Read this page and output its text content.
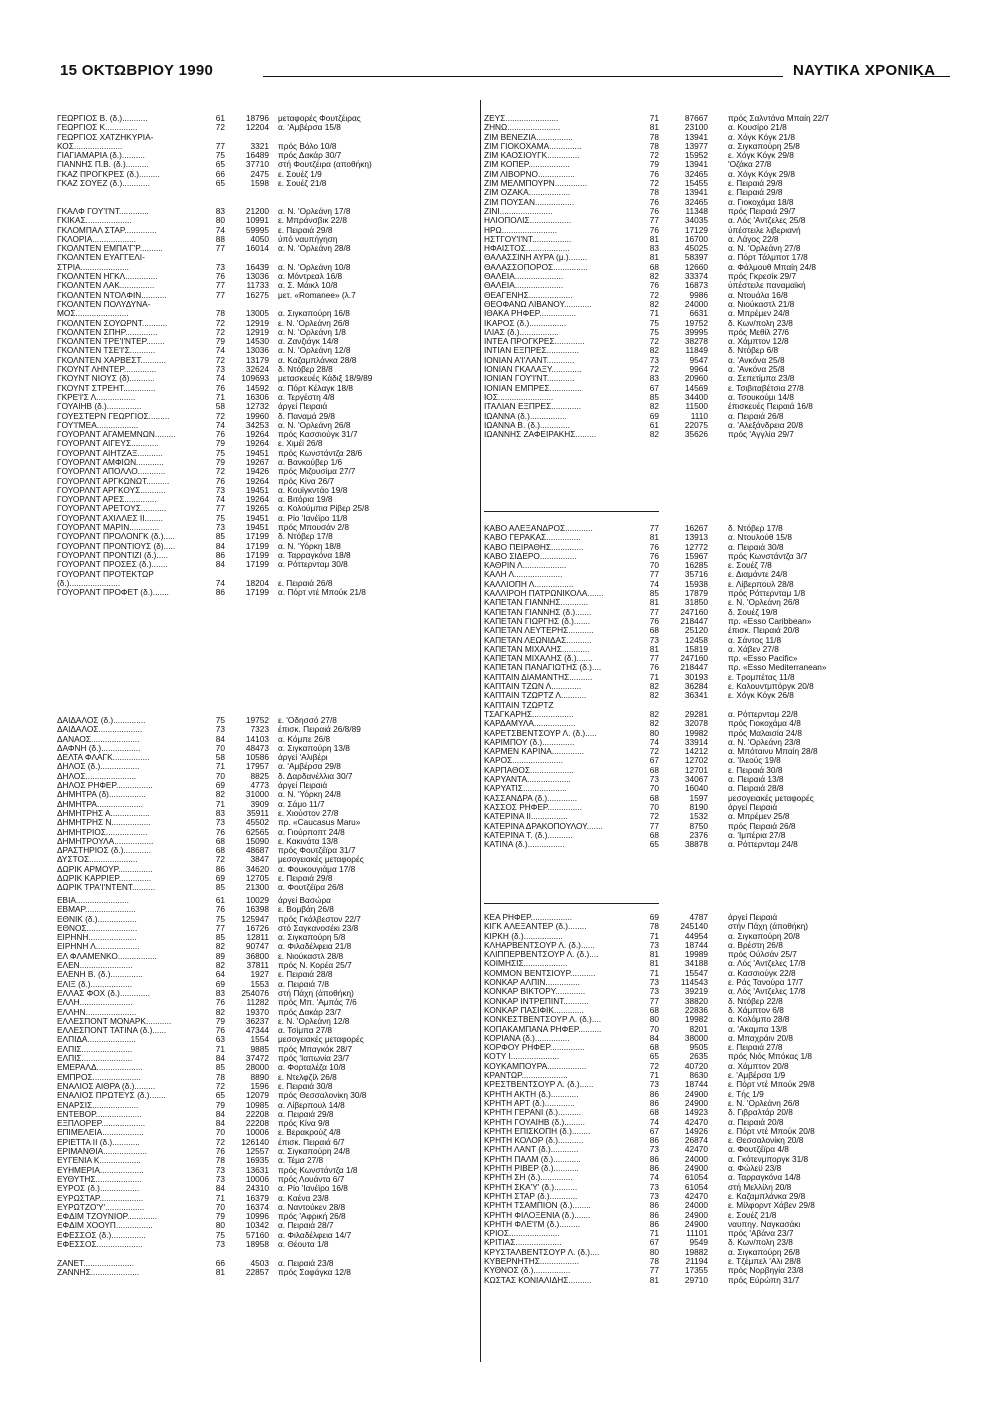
15 ΟΚΤΩΒΡΙΟΥ 1990	ΝΑΥΤΙΚΑ ΧΡΟΝΙΚΑ
ΓΕΩΡΓΙΟΣ Β. (δ.)...........	61	18796 μεταφορές Φουτζέιρας
ΓΕΩΡΓΙΟΣ Κ..............	72	12204 α. 'Αμβέρσα 15/8
ΓΕΩΡΓΙΟΣ ΧΑΤΖΗΚΥΡΙΑ-
ΚΟΣ.....................	77	3321 πρός Βόλο 10/8
ΓΙΑΓΙΑΜΑΡΙΑ (δ.)..........	75	16489 πρός Δακάρ 30/7
ΓΙΑΝΝΗΣ Π.Β. (δ.)..........	65	37710 στή Φουτζέιρα (αποθήκη)
ΓΚΑΖ ΠΡΟΓΚΡΕΣ (δ.).........	66	2475 ε. Σουέζ 1/9
ΓΚΑΖ ΣΟΥΕΖ (δ.)............	65	1598 ε. Σουέζ 21/8
ΓΚΑΛΦ ΓΟΥ'Ι'ΝΤ.............	83	21200 α. Ν. 'Ορλεάνη 17/8
ΓΚΙΚΑΣ....................	80	10991 ε. Μπράνσβικ 22/8
ΓΚΛΟΜΠΑΛ ΣΤΑΡ..............	74	59995 ε. Πειραιά 29/8
ΓΚΛΟΡΙΑ...................	88	4050 ύπό ναυπήγηση
ΓΚΟΛΝΤΕΝ ΕΜΠΑ'Γ'Ρ..........	77	16014 α. Ν. 'Ορλεάνη 28/8
ΓΚΟΛΝΤΕΝ ΕΥΑΓΓΕΛΙ-
ΣΤΡΙΑ.....................	73	16439 α. Ν. 'Ορλεάνη 10/8
ΓΚΟΛΝΤΕΝ ΗΓΚΛ..............	76	13036 α. Μόντρεαλ 16/8
ΓΚΟΛΝΤΕΝ ΛΑΚ...............	77	11733 α. Σ. Μάικλ 10/8
ΓΚΟΛΝΤΕΝ ΝΤΟΛΦΙΝ...........	77	16275 μετ. «Romanee» (λ.7
ΓΚΟΛΝΤΕΝ ΠΟΛΥΔΥΝΑ-
ΜΟΣ.......................	78	13005 α. Σιγκαπούρη 16/8
ΓΚΟΛΝΤΕΝ ΣΟΥΩΡΝΤ...........	72	12919 ε. Ν. 'Ορλεάνη 26/8
ΓΚΟΛΝΤΕΝ ΣΠΗΡ..............	72	12919 α. Ν. 'Ορλεάνη 1/8
ΓΚΟΛΝΤΕΝ ΤΡΕ'Ι'ΝΤΕΡ........	79	14530 α. Ζανζιάγκ 14/8
ΓΚΟΛΝΤΕΝ ΤΣΕ'Ι'Σ...........	74	13036 α. Ν. 'Ορλεάνη 12/8
ΓΚΟΛΝΤΕΝ ΧΑΡΒΕΣΤ...........	72	13179 α. Καζαμπλάνκα 28/8
ΓΚΟΥΝΤ ΛΗΝΤΕΡ..............	73	32624 δ. Ντόβερ 28/8
ΓΚΟΥΝΤ ΝΙΟΥΣ (δ)...........	74	109693 μετασκευές Κάδιξ 18/9/89
ΓΚΟΥΝΤ ΣΤΡΕΗΤ..............	76	14592 α. Πόρτ Κέλαγκ 18/8
ΓΚΡΕ'Ι'Σ Λ.................	71	16306 α. Τεργέστη 4/8
ΓΟΥΑΙΗΒ (δ.)...............	58	12732 άργεί Πειραιά
ΓΟΥΕΣΤΕΡΝ ΓΕΩΡΓΙΟΣ.........	72	19960 δ. Παναμά 29/8
ΓΟΥ'Ι'ΜΕΑ..................	74	34253 α. Ν. 'Ορλεάνη 26/8
ΓΟΥΟΡΛΝΤ ΑΓΑΜΕΜΝΩΝ.........	76	19264 πρός Κασσιούγκ 31/7
ΓΟΥΟΡΛΝΤ ΑΙΓΕΥΣ............	79	19264 ε. Χιμέϊ 26/8
ΓΟΥΟΡΛΝΤ ΑΙΗΤΖΑΞ...........	75	19451 πρός Κωνστάντζα 28/6
ΓΟΥΟΡΛΝΤ ΑΜΦΙΩΝ............	79	19267 α. Βανκούβερ 1/6
ΓΟΥΟΡΛΝΤ ΑΠΟΛΛΟ............	72	19426 πρός Μιζουσίμα 27/7
ΓΟΥΟΡΛΝΤ ΑΡΓΚΩΝΩΤ..........	76	19264 πρός Κίνα 26/7
ΓΟΥΟΡΛΝΤ ΑΡΓΚΟΥΣ...........	73	19451 α. Κουϊγκντάο 19/8
ΓΟΥΟΡΛΝΤ ΑΡΕΣ..............	74	19264 α. Βιτόρια 19/8
ΓΟΥΟΡΛΝΤ ΑΡΕΤΟΥΣ...........	77	19265 α. Κολούμπια Ρίβερ 25/8
ΓΟΥΟΡΛΝΤ ΑΧΙΛΛΕΣ ΙΙ........	75	19451 α. Ρίο 'Ιανέϊρο 11/8
ΓΟΥΟΡΛΝΤ ΜΑΡΙΝ.............	73	19451 πρός Μπουσάν 2/8
ΓΟΥΟΡΛΝΤ ΠΡΟΛΟΝΓΚ (δ.).....	85	17199 δ. Ντόβερ 17/8
ΓΟΥΟΡΛΝΤ ΠΡΟΝΤΙΟΥΣ (δ).....	84	17199 α. Ν. 'Υόρκη 18/8
ΓΟΥΟΡΛΝΤ ΠΡΟΝΤΙΖΙ (δ.).....	86	17199 α. Ταρραγκόνα 18/8
ΓΟΥΟΡΛΝΤ ΠΡΟΣΕΣ (δ.).......	84	17199 α. Ρόττερνταμ 30/8
ΓΟΥΟΡΛΝΤ ΠΡΟΤΕΚΤΩΡ
(δ.)......................	74	18204 ε. Πειραιά 26/8
ΓΟΥΟΡΛΝΤ ΠΡΟΦΕΤ (δ.).......	86	17199 α. Πόρτ ντέ Μπούκ 21/8
ΔΑΙΔΑΛΟΣ (δ.)..............	75	19752 ε. 'Οδησσό 27/8
ΔΑΙΔΑΛΟΣ...................	73	7323 έπισκ. Πειραιά 26/8/89
ΔΑΝΑΟΣ.....................	84	14103 α. Κόμπε 26/8
ΔΑΦΝΗ (δ.).................	70	48473 α. Σιγκαπούρη 13/8
ΔΕΛΤΑ ΦΛΑΓΚ................	58	10586 άργεί 'Αλιβέρι
ΔΗΛΟΣ (δ.).................	71	17957 α. 'Αμβέρσα 29/8
ΔΗΛΟΣ......................	70	8825 δ. Δαρδανέλλια 30/7
ΔΗΛΟΣ ΡΗΦΕΡ................	69	4773 άργεί Πειραιά
ΔΗΜΗΤΡΑ (δ)................	82	31000 α. Ν. 'Υόρκη 24/8
ΔΗΜΗΤΡΑ....................	71	3909 α. Σάμο 11/7
ΔΗΜΗΤΡΗΣ Α.................	83	35911 ε. Χιούστον 27/8
ΔΗΜΗΤΡΗΣ Ν.................	73	45502 πρ. «Caucasus Maru»
ΔΗΜΗΤΡΙΟΣ..................	76	62565 α. Γιούρποπτ 24/8
ΔΗΜΗΤΡΟΥΛΑ.................	68	15090 ε. Κακινάτα 13/8
ΔΡΑΣΤΗΡΙΟΣ (δ.)............	68	48687 πρός Φουτζέϊρα 31/7
ΔΥΣΤΟΣ.....................	72	3847 μεσογειακές μεταφορές
ΔΩΡΙΚ ΑΡΜΟΥΡ...............	86	34620 α. Φουκουγιάμα 17/8
ΔΩΡΙΚ ΚΑΡΡΙΕΡ..............	69	12705 ε. Πειραιά 29/8
ΔΩΡΙΚ ΤΡΑ'Ι'ΝΤΕΝΤ..........	85	21300 α. Φουτζέϊρα 26/8
ΕΒΙΑ.......................	61	10029 άργεί Βασώρα
ΕΒΜΑΡ......................	76	16398 ε. Βομβάη 26/8
ΕΘΝΙΚ (δ.).................	75	125947 πρός Γκάλβεστον 22/7
ΕΘΝΟΣ......................	77	16726 στό Σαγκανοσέκι 23/8
ΕΙΡΗΝΗ.....................	85	12811 α. Σιγκαπούρη 5/8
ΕΙΡΗΝΗ Λ...................	82	90747 α. Φιλαδέλφεια 21/8
ΕΛ ΦΛΑΜΕΝΚΟ.................	89	36800 ε. Νιούκαστλ 28/8
ΕΛΕΝ.......................	82	37811 πρός Ν. Κορέα 25/7
ΕΛΕΝΗ Β. (δ.)..............	64	1927 ε. Πειραιά 28/8
ΕΛΙΞ (δ.)..................	69	1553 α. Πειραιά 7/8
ΕΛΛΑΣ ΦΟΧ (δ.).............	83	254076 στή Πάχη (άποθήκη)
ΕΛΛΗ.......................	76	11282 πρός Μπ. 'Αμπάς 7/6
ΕΛΛΗΝ......................	82	19370 πρός Δακάρ 23/7
ΕΛΛΕΣΠΟΝΤ ΜΟΝΑΡΚ...........	79	36237 ε. Ν. 'Ορλεάνη 12/8
ΕΛΛΕΣΠΟΝΤ ΤΑΤΙΝΑ (δ.)......	76	47344 α. Τσίμπα 27/8
ΕΛΠΙΔΑ.....................	63	1554 μεσογειακές μεταφορές
ΕΛΠΙΣ......................	71	9885 πρός Μπαγκόκ 28/7
ΕΛΠΙΣ......................	84	37472 πρός 'Ιαπωνία 23/7
ΕΜΕΡΑΛΔ....................	85	28000 α. Φορταλέζα 10/8
ΕΜΠΡΟΣ.....................	78	8890 ε. Ντελφζίλ 26/8
ΕΝΑΛΙΟΣ ΑΙΘΡΑ (δ.).........	72	1596 ε. Πειραιά 30/8
ΕΝΑΛΙΟΣ ΠΡΩΤΕΥΣ (δ.).......	65	12079 πρός Θεσσαλονίκη 30/8
ΕΝΑΡΣΙΣ....................	79	10985 α. Λίβερπουλ 14/8
ΕΝΤΕΒΟΡ....................	84	22208 α. Πειραιά 29/8
ΕΞΠΛΟΡΕΡ...................	84	22208 πρός Κίνα 9/8
ΕΠΙΜΕΛΕΙΑ..................	70	10006 ε. Βερακρούζ 4/8
ΕΡΙΕΤΤΑ ΙΙ (δ.)............	72	126140 έπισκ. Πειραιά 6/7
ΕΡΙΜΑΝΘΙΑ...................	76	12557 α. Σιγκαπούρη 24/8
ΕΥΓΕΝΙΑ Κ..................	78	16935 α. Τέμα 27/8
ΕΥΗΜΕΡΙΑ...................	73	13631 πρός Κωνστάντζα 1/8
ΕΥΘΥΤΗΣ....................	73	10006 πρός Λουάντα 6/7
ΕΥΡΟΣ (δ.).................	84	24310 α. Ρίο 'Ιανέϊρο 16/8
ΕΥΡΩΣΤΑΡ...................	71	16379 α. Καένα 23/8
ΕΥΡΩΤΖΟ'Υ'.................	70	16374 α. Ναντούκεν 28/8
ΕΦΔΙΜ ΤΖΟΥΝΙΟΡ.............	79	10996 πρός 'Αφρική 26/8
ΕΦΔΙΜ ΧΟΟΥΠ................	80	10342 α. Πειραιά 28/7
ΕΦΕΣΣΟΣ (δ.)...............	75	57160 α. Φιλαδέλφεια 14/7
ΕΦΕΣΣΟΣ....................	73	18958 α. Θέουτα 1/8
ΖΑΝΕΤ......................	66	4503 α. Πειραιά 23/8
ΖΑΝΝΗΣ.....................	81	22857 πρός Σαφάγκα 12/8
ΖΕΥΣ.......................	71	87667 πρός Σαλντάνα Μπαίη 22/7
ΖΗΝΩ.......................	81	23100 α. Κουσίρο 21/8
ΖΙΜ ΒΕΝΕΖΙΑ................	78	13941 α. Χόγκ Κόγκ 21/8
ΖΙΜ ΓΙΟΚΟΧΑΜΑ..............	78	13977 α. Σιγκαπούρη 25/8
ΖΙΜ ΚΑΟΣΙΟΥΓΚ..............	72	15952 ε. Χόγκ Κόγκ 29/8
ΖΙΜ ΚΟΠΕΡ..................	79	13941 'Οζάκα 27/8
ΖΙΜ ΛΙΒΟΡΝΟ................	76	32465 α. Χόγκ Κόγκ 29/8
ΖΙΜ ΜΕΛΜΠΟΥΡΝ..............	72	15455 ε. Πειραιά 29/8
ΖΙΜ ΟΖΑΚΑ..................	78	13941 ε. Πειραιά 29/8
ΖΙΜ ΠΟΥΣΑΝ.................	76	32465 α. Γιοκοχάμα 18/8
ΖΙΝΙ.......................	76	11348 πρός Πειραιά 29/7
ΗΛΙΟΠΟΛΙΣ..................	77	34035 α. Λός 'Αντζελες 25/8
ΗΡΩ........................	76	17129 ύπέστειλε λιβεριανή
ΗΣΤΓΟΥ'Ι'ΝΤ.................	81	16700 α. Λάγος 22/8
ΗΦΑΙΣΤΟΣ...................	83	45025 α. Ν. 'Ορλεάνη 27/8
ΘΑΛΑΣΣΙΝΗ ΑΥΡΑ (μ.)........	81	58397 α. Πόρτ Τάλμποτ 17/8
ΘΑΛΑΣΣΟΠΟΡΟΣ...............	68	12660 α. Φάλμουθ Μπαίη 24/8
ΘΑΛΕΙΑ.....................	82	33374 πρός Γκρεσίκ 29/7
ΘΑΛΕΙΑ.....................	76	16873 ύπέστειλε παναμαϊκή
ΘΕΑΓΕΝΗΣ...................	72	9986 α. Ντουάλα 16/8
ΘΕΟΦΑΝΩ ΛΙΒΑΝΟΥ............	82	24000 α. Νιούκαστλ 21/8
ΙΘΑΚΑ ΡΗΦΕΡ................	71	6631 α. Μπρέμεν 24/8
ΙΚΑΡΟΣ (δ.)................	75	19752 δ. Κων/πολη 23/8
ΙΛΙΑΣ (δ.).................	75	39995 πρός Μεθίλ 27/6
ΙΝΤΕΑ ΠΡΟΓΚΡΕΣ.............	72	38278 α. Χάμπτον 12/8
ΙΝΤΙΑΝ ΕΞΠΡΕΣ..............	82	11849 δ. Ντόβερ 6/8
ΙΟΝΙΑΝ Α'Ι'ΛΑΝΤ............	73	9547 α. 'Ανκόνα 25/8
ΙΟΝΙΑΝ ΓΚΑΛΑΞΥ.............	72	9964 α. 'Ανκόνα 25/8
ΙΟΝΙΑΝ ΓΟΥ'Ι'ΝΤ............	83	20960 α. Σεπετίμπα 23/8
ΙΟΝΙΑΝ ΕΜΠΡΕΣ..............	67	14569 ε. Τσιβιταβέτσια 27/8
ΙΟΣ........................	85	34400 α. Τσουκούμι 14/8
ΙΤΑΛΙΑΝ ΕΞΠΡΕΣ.............	82	11500 έπισκευές Πειραιά 16/8
ΙΩΑΝΝΑ (δ.)................	69	1110 α. Πειραιά 26/8
ΙΩΑΝΝΑ Β. (δ.).............	61	22075 α. 'Αλεξάνδρεια 20/8
ΙΩΑΝΝΗΣ ΖΑΦΕΙΡΑΚΗΣ.........	82	35626 πρός 'Αγγλία 29/7
ΚΑΒΟ ΑΛΕΞΑΝΔΡΟΣ............	77	16267 δ. Ντόβερ 17/8
ΚΑΒΟ ΓΕΡΑΚΑΣ...............	81	13913 α. Ντουλούθ 15/8
ΚΑΒΟ ΠΕΙΡΑΘΗΣ..............	76	12772 α. Πειραιά 30/8
ΚΑΒΟ ΣΙΔΕΡΟ................	76	15967 πρός Κωνστάντζα 3/7
ΚΑΘΡΙΝ Λ...................	70	16285 ε. Σουέζ 7/8
ΚΑΛΗ Λ.....................	77	35716 ε. Διαμάντε 24/8
ΚΑΛΛΙΟΠΗ Λ.................	74	15938 ε. Λίβερπουλ 28/8
ΚΑΛΛΙΡΟΗ ΠΑΤΡΩΝΙΚΟΛΑ.......	85	17879 πρός Ρόττερνταμ 1/8
ΚΑΠΕΤΑΝ ΓΙΑΝΝΗΣ............	81	31850 ε. Ν. 'Ορλεάνη 26/8
ΚΑΠΕΤΑΝ ΓΙΑΝΝΗΣ (δ.).......	77	247160 δ. Σουέζ 19/8
ΚΑΠΕΤΑΝ ΓΙΩΡΓΗΣ (δ.).......	76	218447 πρ. «Esso Caribbean»
ΚΑΠΕΤΑΝ ΛΕΥΤΕΡΗΣ...........	68	25120 έπισκ. Πειραιά 20/8
ΚΑΠΕΤΑΝ ΛΕΩΝΙΔΑΣ...........	73	12458 α. Σάντος 11/8
ΚΑΠΕΤΑΝ ΜΙΧΑΛΗΣ............	81	15819 α. Χάβεν 27/8
ΚΑΠΕΤΑΝ ΜΙΧΑΛΗΣ (δ.).......	77	247160 πρ. «Esso Pacific»
ΚΑΠΕΤΑΝ ΠΑΝΑΓΙΩΤΗΣ (δ.)....	76	218447 πρ. «Esso Mediterranean»
ΚΑΠΤΑΙΝ ΔΙΑΜΑΝΤΗΣ..........	71	30193 ε. Τρομπέτας 11/8
ΚΑΠΤΑΙΝ ΤΖΩΝ Λ.............	82	36284 ε. Καλουντμπόργκ 20/8
ΚΑΠΤΑΙΝ ΤΖΩΡΤΖ Λ...........	82	36341 ε. Χόγκ Κόγκ 26/8
ΚΑΠΤΑΙΝ ΤΖΩΡΤΖ
ΤΣΑΓΚΑΡΗΣ..................	82	29281 α. Ρόττερνταμ 22/8
ΚΑΡΔΑΜΥΛΑ..................	82	32078 πρός Γιοκοχάμα 4/8
ΚΑΡΕΤΣΒΕΝΤΣΟΥΡ Λ. (δ.).....	80	19982 πρός Μαλαισία 24/8
ΚΑΡΙΜΠΟΥ (δ.)..............	74	33914 α. Ν. 'Ορλεάνη 23/8
ΚΑΡΜΕΝ ΚΑΡΙΝΑ..............	72	14212 α. Μπόταινυ Μπαίη 28/8
ΚΑΡΟΣ......................	67	12702 α. 'Ιλεούς 19/8
ΚΑΡΠΑΘΟΣ...................	68	12701 ε. Πειραιά 30/8
ΚΑΡΥΑΝΤΑ...................	73	34067 α. Πειραιά 13/8
ΚΑΡΥΑΤΙΣ...................	70	16040 α. Πειραιά 28/8
ΚΑΣΣΑΝΔΡΑ (δ.).............	68	1597 μεσογειακές μεταφορές
ΚΑΣΣΟΣ ΡΗΦΕΡ...............	70	8190 άργεί Πειραιά
ΚΑΤΕΡΙΝΑ ΙΙ................	72	1532 α. Μπρέμεν 25/8
ΚΑΤΕΡΙΝΑ ΔΡΑΚΟΠΟΥΛΟΥ.......	77	8750 πρός Πειραιά 26/8
ΚΑΤΕΡΙΝΑ Τ. (δ.)...........	68	2376 α. 'Ιμπέρια 27/8
ΚΑΤΙΝΑ (δ.)................	65	38878 α. Ρόττερνταμ 24/8
ΚΕΑ ΡΗΦΕΡ..................	69	4787 άργεί Πειραιά
ΚΙΓΚ ΑΛΕΞΑΝΤΕΡ (δ.)........	78	245140 στήν Πάχη (άποθήκη)
ΚΙΡΚΗ (δ.).................	71	44954 α. Σιγκαπούρη 20/8
ΚΛΗΑΡΒΕΝΤΣΟΥΡ Λ. (δ.)......	73	18744 α. Βρέστη 26/8
ΚΛΙΠΠΕΡΒΕΝΤΣΟΥΡ Λ. (δ.)....	81	19989 πρός Ούλσάν 25/7
ΚΟΙΜΗΣΙΣ...................	81	34188 α. Λός 'Αντζελες 17/8
ΚΟΜΜΟΝ ΒΕΝΤΣΙΟΥΡ...........	71	15547 α. Κασσιούγκ 22/8
ΚΟΝΚΑΡ ΑΛΠΙΝ...............	73	114543 ε. Ράς Τανούρα 17/7
ΚΟΝΚΑΡ ΒΙΚΤΟΡΥ.............	73	39219 α. Λός 'Αντζελες 17/8
ΚΟΝΚΑΡ ΙΝΤΡΕΠΙΝΤ...........	77	38820 δ. Ντόβερ 22/8
ΚΟΝΚΑΡ ΠΑΣΙΦΙΚ.............	68	22836 δ. Χάμπτον 6/8
ΚΟΝΚΕΣΤΒΕΝΤΣΟΥΡ Λ. (δ.)....	80	19982 α. Κολόμπο 28/8
ΚΟΠΑΚΑΜΠΑΝΑ ΡΗΦΕΡ..........	70	8201 α. 'Ακαμπα 13/8
ΚΟΡΙΑΝΑ (δ.)...............	84	38000 α. Μπαχράιν 20/8
ΚΟΡΦΟΥ ΡΗΦΕΡ...............	68	9505 ε. Πειραιά 27/8
ΚΟΤΥ Ι.....................	65	2635 πρός Νιός Μπόκας 1/8
ΚΟΥΚΑΜΠΟΥΡΑ.................	72	40720 α. Χάμπτον 20/8
ΚΡΑΝΤΩΡ....................	71	8630 ε. 'Αμβέρσα 1/9
ΚΡΕΣΤΒΕΝΤΣΟΥΡ Λ. (δ.)......	73	18744 ε. Πόρτ ντέ Μπούκ 29/8
ΚΡΗΤΗ ΑΚΤΗ (δ.)............	86	24900 ε. Τής 1/9
ΚΡΗΤΗ ΑΡΤ (δ.).............	86	24900 ε. Ν. 'Ορλεάνη 26/8
ΚΡΗΤΗ ΓΕΡΑΝΙ (δ.)..........	68	14923 δ. Γιβραλτάρ 20/8
ΚΡΗΤΗ ΓΟΥΑΙΗΒ (δ.).........	74	42470 α. Πειραιά 20/8
ΚΡΗΤΗ ΕΠΙΣΚΟΠΗ (δ.)........	67	14926 ε. Πόρτ ντέ Μπούκ 20/8
ΚΡΗΤΗ ΚΟΛΟΡ (δ.)...........	86	26874 ε. Θεσσαλονίκη 20/8
ΚΡΗΤΗ ΛΑΝΤ (δ.)............	73	42470 α. Φουτζέϊρα 4/8
ΚΡΗΤΗ ΠΑΛΜ (δ.)............	86	24000 α. Γκότενμποργκ 31/8
ΚΡΗΤΗ ΡΙΒΕΡ (δ.)...........	86	24900 α. Φώλεϋ 23/8
ΚΡΗΤΗ ΣΗ (δ.)..............	74	61054 α. Ταρραγκόνα 14/8
ΚΡΗΤΗ ΣΚΑ'Υ' (δ.)..........	73	61054 στή Μελλίλη 20/8
ΚΡΗΤΗ ΣΤΑΡ (δ.)............	73	42470 ε. Καζαμπλάνκα 29/8
ΚΡΗΤΗ ΤΣΑΜΠΙΟΝ (δ.)........	86	24000 ε. Μίλφορντ Χάβεν 29/8
ΚΡΗΤΗ ΦΙΛΟΞΕΝΙΑ (δ.).......	86	24900 ε. Σουέζ 21/8
ΚΡΗΤΗ ΦΛΕ'Ι'Μ (δ.).........	86	24900 ναυπηγ. Ναγκασάκι
ΚΡΙΟΣ......................	71	11101 πρός 'Αβάνα 23/7
ΚΡΙΤΙΑΣ....................	67	9549 δ. Κων/πολη 23/8
ΚΡΥΣΤΑΛΒΕΝΤΣΟΥΡ Λ. (δ.)....	80	19882 α. Σιγκαπούρη 26/8
ΚΥΒΕΡΝΗΤΗΣ.................	78	21194 ε. Τζέμπελ 'Αλι 28/8
ΚΥΘΝΟΣ (δ.)................	77	17355 πρός Νορβηγία 23/8
ΚΩΣΤΑΣ ΚΟΝΙΑΛΙΔΗΣ..........	81	29710 πρός Εύρώπη 31/7
